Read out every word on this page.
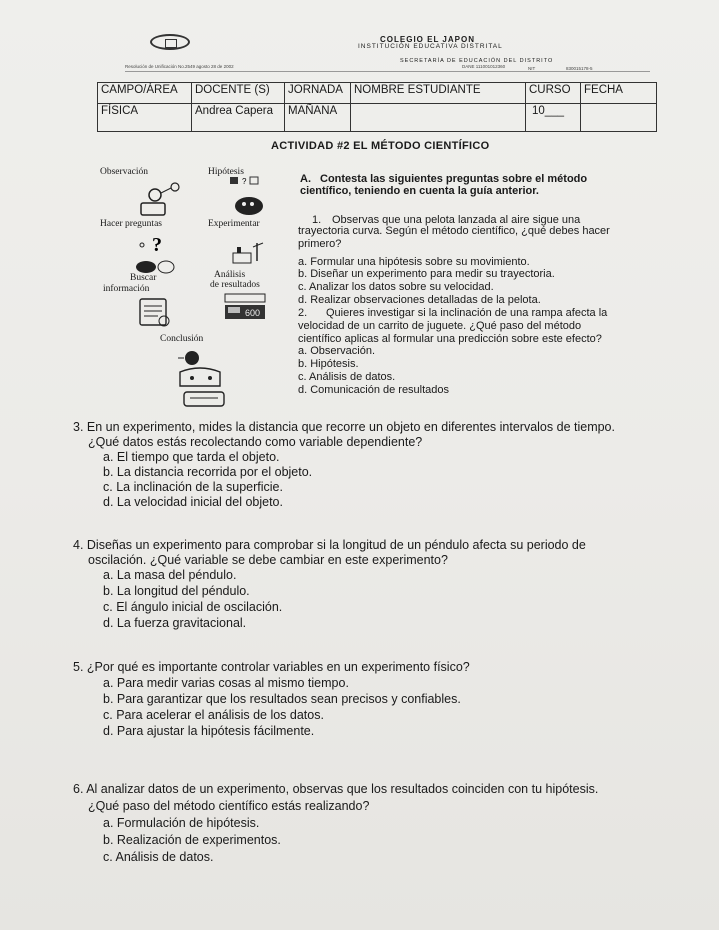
COLEGIO EL JAPON
INSTITUCIÓN EDUCATIVA DISTRITAL
SECRETARÍA DE EDUCACIÓN DEL DISTRITO
Resolución de Unificación No.2549 agosto 28 de 2002	DANE 111001012360	NIT	830015178-5
CAMPO/ÁREA	DOCENTE (S)	JORNADA	NOMBRE ESTUDIANTE	CURSO	FECHA
FÍSICA	Andrea Capera	MAÑANA		10___	
ACTIVIDAD #2 EL MÉTODO CIENTÍFICO
Observación	Hipótesis
?
Hacer preguntas	Experimentar
?
Buscar	Análisis
información	de resultados
600
Conclusión
A. Contesta las siguientes preguntas sobre el método
científico, teniendo en cuenta la guía anterior.
1. Observas que una pelota lanzada al aire sigue una
trayectoria curva. Según el método científico, ¿qué debes hacer
primero?
a. Formular una hipótesis sobre su movimiento.
b. Diseñar un experimento para medir su trayectoria.
c. Analizar los datos sobre su velocidad.
d. Realizar observaciones detalladas de la pelota.
2. Quieres investigar si la inclinación de una rampa afecta la
velocidad de un carrito de juguete. ¿Qué paso del método
científico aplicas al formular una predicción sobre este efecto?
a. Observación.
b. Hipótesis.
c. Análisis de datos.
d. Comunicación de resultados
3. En un experimento, mides la distancia que recorre un objeto en diferentes intervalos de tiempo.
¿Qué datos estás recolectando como variable dependiente?
a. El tiempo que tarda el objeto.
b. La distancia recorrida por el objeto.
c. La inclinación de la superficie.
d. La velocidad inicial del objeto.
4. Diseñas un experimento para comprobar si la longitud de un péndulo afecta su periodo de
oscilación. ¿Qué variable se debe cambiar en este experimento?
a. La masa del péndulo.
b. La longitud del péndulo.
c. El ángulo inicial de oscilación.
d. La fuerza gravitacional.
5. ¿Por qué es importante controlar variables en un experimento físico?
a. Para medir varias cosas al mismo tiempo.
b. Para garantizar que los resultados sean precisos y confiables.
c. Para acelerar el análisis de los datos.
d. Para ajustar la hipótesis fácilmente.
6. Al analizar datos de un experimento, observas que los resultados coinciden con tu hipótesis.
¿Qué paso del método científico estás realizando?
a. Formulación de hipótesis.
b. Realización de experimentos.
c. Análisis de datos.
